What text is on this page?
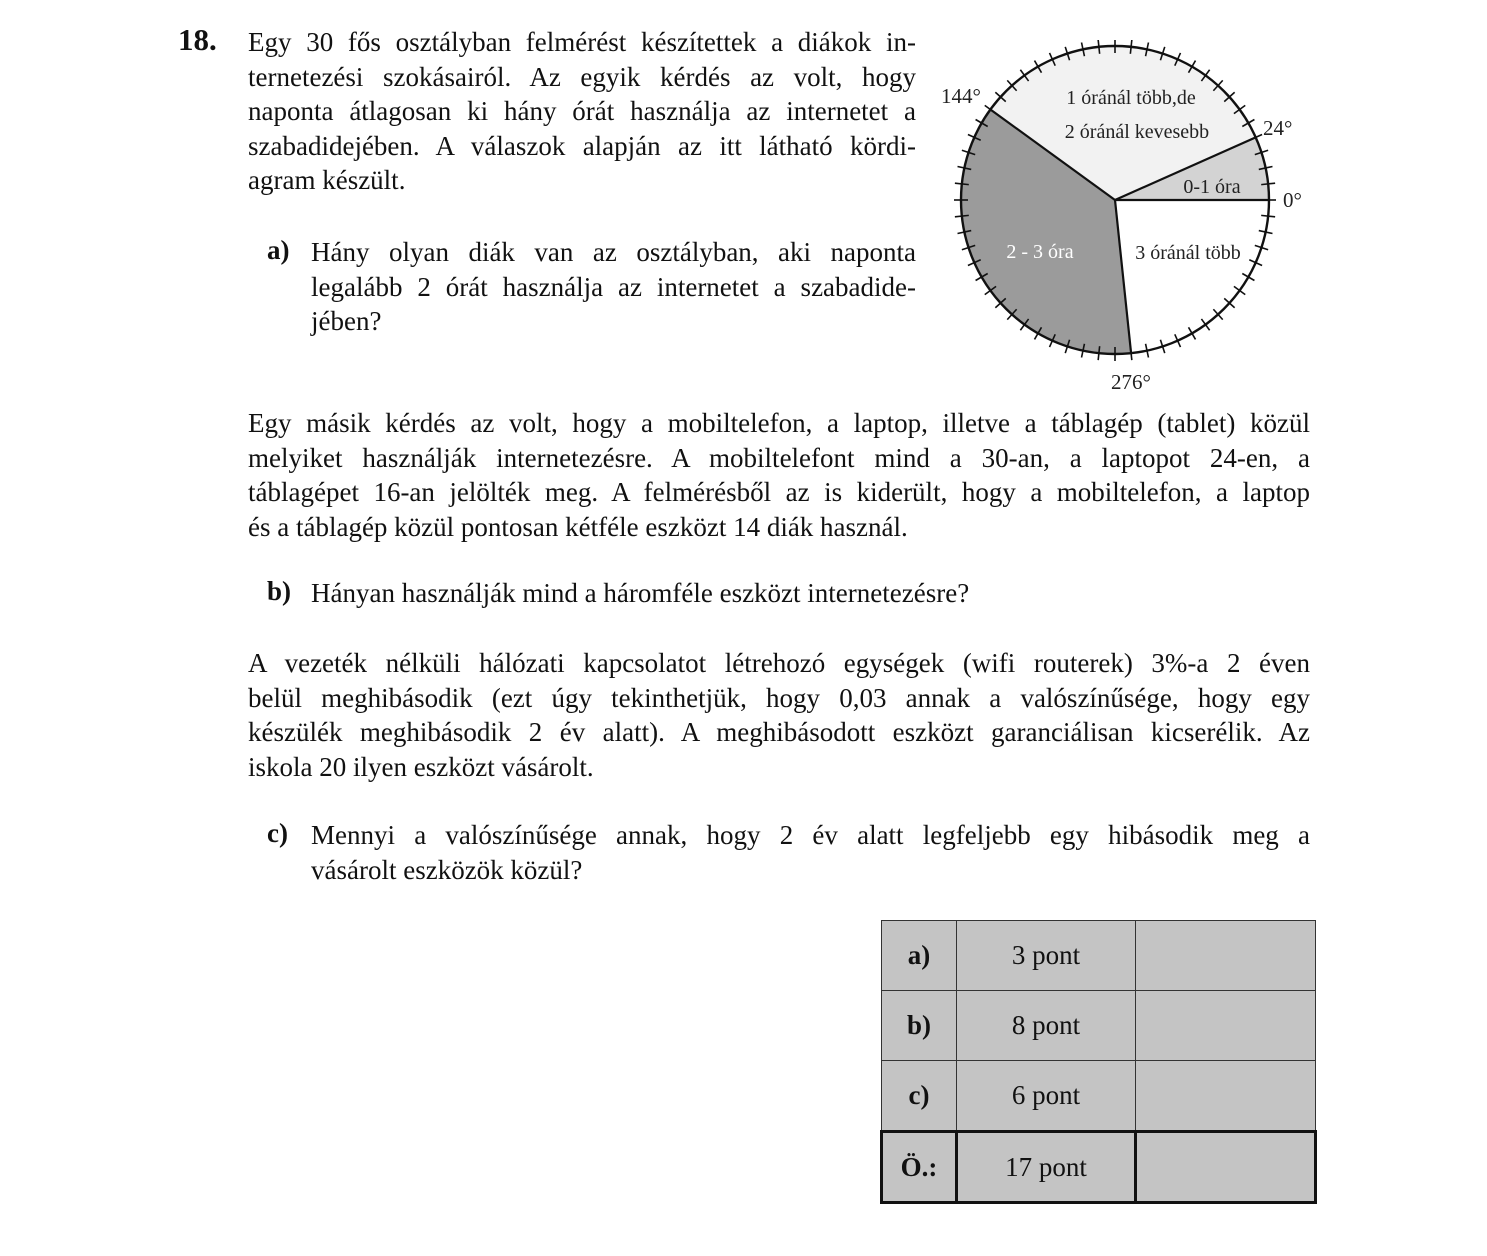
18. Egy 30 fős osztályban felmérést készítettek a diákok in-
ternetezési szokásairól. Az egyik kérdés az volt, hogy
naponta átlagosan ki hány órát használja az internetet a
szabadidejében. A válaszok alapján az itt látható kördi-
agram készült.
a) Hány olyan diák van az osztályban, aki naponta
legalább 2 órát használja az internetet a szabadide-
jében?
0-1 óra
1 óránál több,de
2 óránál kevesebb
2 - 3 óra	3 óránál több
0°
24°
144°
276°
Egy másik kérdés az volt, hogy a mobiltelefon, a laptop, illetve a táblagép (tablet) közül
melyiket használják internetezésre. A mobiltelefont mind a 30-an, a laptopot 24-en, a
táblagépet 16-an jelölték meg. A felmérésből az is kiderült, hogy a mobiltelefon, a laptop
és a táblagép közül pontosan kétféle eszközt 14 diák használ.
b) Hányan használják mind a háromféle eszközt internetezésre?
A vezeték nélküli hálózati kapcsolatot létrehozó egységek (wifi routerek) 3%-a 2 éven
belül meghibásodik (ezt úgy tekinthetjük, hogy 0,03 annak a valószínűsége, hogy egy
készülék meghibásodik 2 év alatt). A meghibásodott eszközt garanciálisan kicserélik. Az
iskola 20 ilyen eszközt vásárolt.
c) Mennyi a valószínűsége annak, hogy 2 év alatt legfeljebb egy hibásodik meg a
vásárolt eszközök közül?
a)	3 pont	
b)	8 pont	
c)	6 pont	
Ö.:	17 pont	
